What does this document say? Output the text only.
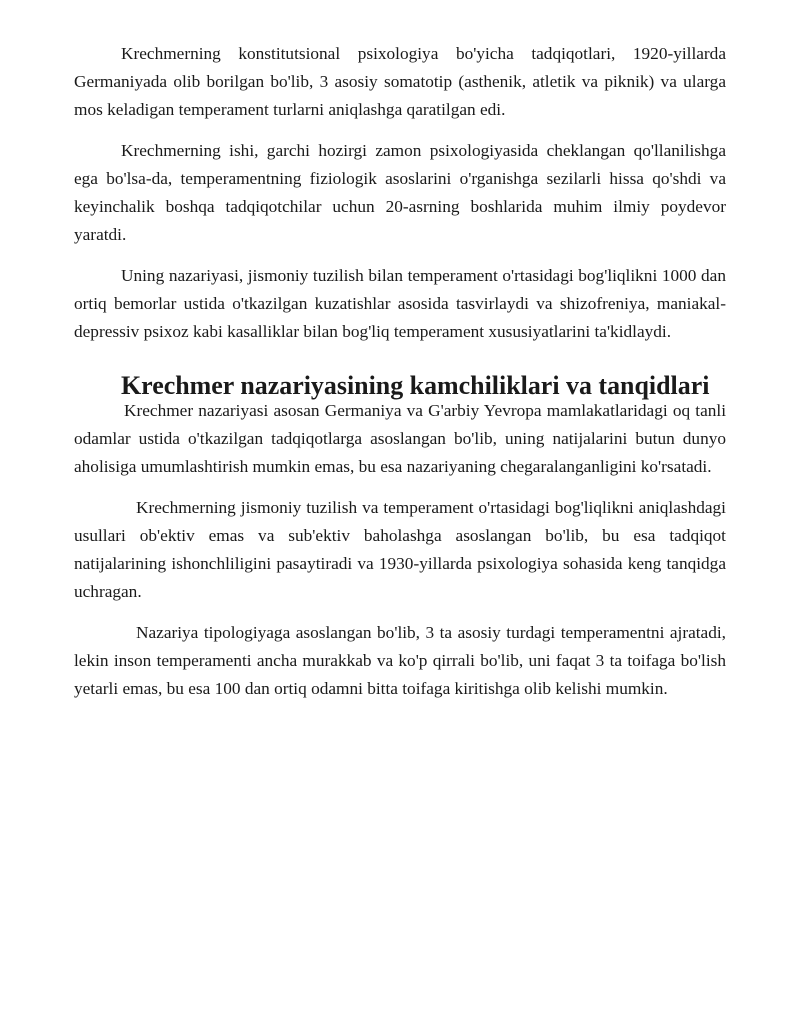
Krechmerning konstitutsional psixologiya bo'yicha tadqiqotlari, 1920-yillarda Germaniyada olib borilgan bo'lib, 3 asosiy somatotip (asthenik, atletik va piknik) va ularga mos keladigan temperament turlarni aniqlashga qaratilgan edi.

Krechmerning ishi, garchi hozirgi zamon psixologiyasida cheklangan qo'llanilishga ega bo'lsa-da, temperamentning fiziologik asoslarini o'rganishga sezilarli hissa qo'shdi va keyinchalik boshqa tadqiqotchilar uchun 20-asrning boshlarida muhim ilmiy poydevor yaratdi.

Uning nazariyasi, jismoniy tuzilish bilan temperament o'rtasidagi bog'liqlikni 1000 dan ortiq bemorlar ustida o'tkazilgan kuzatishlar asosida tasvirlaydi va shizofreniya, maniakal-depressiv psixoz kabi kasalliklar bilan bog'liq temperament xususiyatlarini ta'kidlaydi.

Krechmer nazariyasining kamchiliklari va tanqidlari

Krechmer nazariyasi asosan Germaniya va G'arbiy Yevropa mamlakatlaridagi oq tanli odamlar ustida o'tkazilgan tadqiqotlarga asoslangan bo'lib, uning natijalarini butun dunyo aholisiga umumlashtirish mumkin emas, bu esa nazariyaning chegaralanganligini ko'rsatadi.

Krechmerning jismoniy tuzilish va temperament o'rtasidagi bog'liqlikni aniqlashdagi usullari ob'ektiv emas va sub'ektiv baholashga asoslangan bo'lib, bu esa tadqiqot natijalarining ishonchliligini pasaytiradi va 1930-yillarda psixologiya sohasida keng tanqidga uchragan.

Nazariya tipologiyaga asoslangan bo'lib, 3 ta asosiy turdagi temperamentni ajratadi, lekin inson temperamenti ancha murakkab va ko'p qirrali bo'lib, uni faqat 3 ta toifaga bo'lish yetarli emas, bu esa 100 dan ortiq odamni bitta toifaga kiritishga olib kelishi mumkin.
